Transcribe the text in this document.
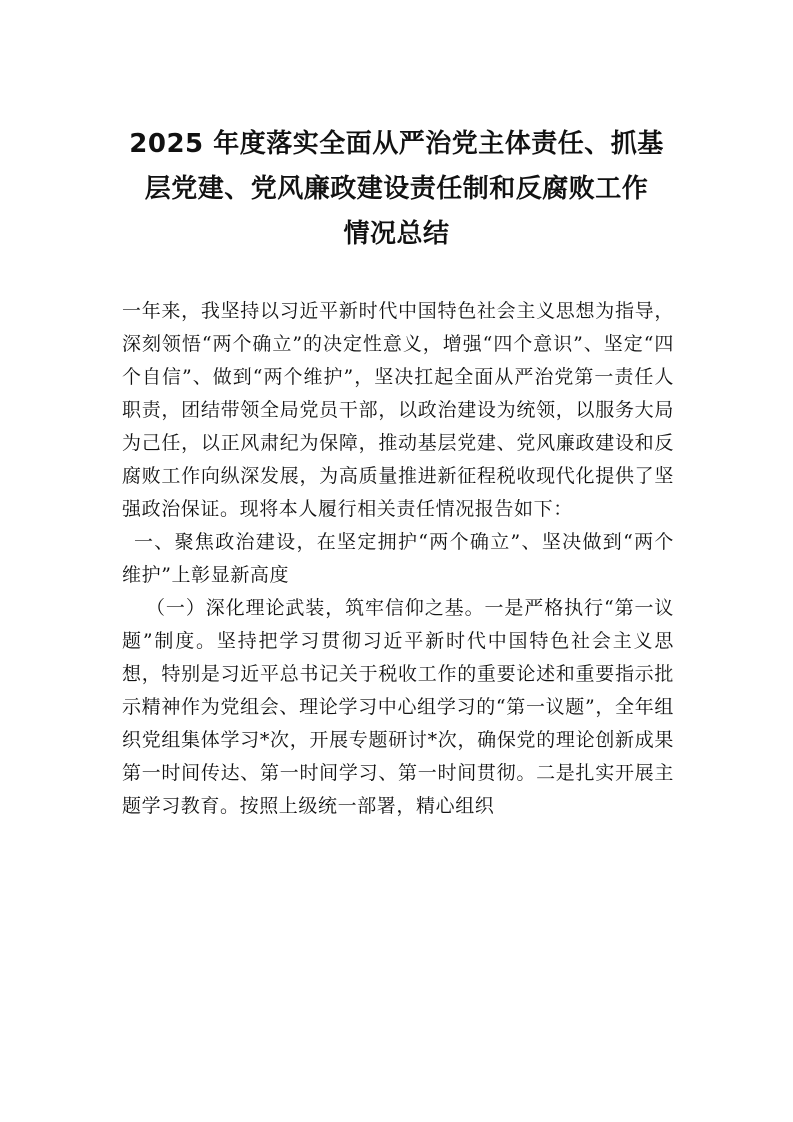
2025 年度落实全面从严治党主体责任、抓基
层党建、党风廉政建设责任制和反腐败工作
情况总结

一年来，我坚持以习近平新时代中国特色社会主义思想为指导，深刻领悟“两个确立”的决定性意义，增强“四个意识”、坚定“四个自信”、做到“两个维护”，坚决扛起全面从严治党第一责任人职责，团结带领全局党员干部，以政治建设为统领，以服务大局为己任，以正风肃纪为保障，推动基层党建、党风廉政建设和反腐败工作向纵深发展，为高质量推进新征程税收现代化提供了坚强政治保证。现将本人履行相关责任情况报告如下：

一、聚焦政治建设，在坚定拥护“两个确立”、坚决做到“两个维护”上彰显新高度

（一）深化理论武装，筑牢信仰之基。一是严格执行“第一议题”制度。坚持把学习贯彻习近平新时代中国特色社会主义思想，特别是习近平总书记关于税收工作的重要论述和重要指示批示精神作为党组会、理论学习中心组学习的“第一议题”，全年组织党组集体学习*次，开展专题研讨*次，确保党的理论创新成果第一时间传达、第一时间学习、第一时间贯彻。二是扎实开展主题学习教育。按照上级统一部署，精心组织
